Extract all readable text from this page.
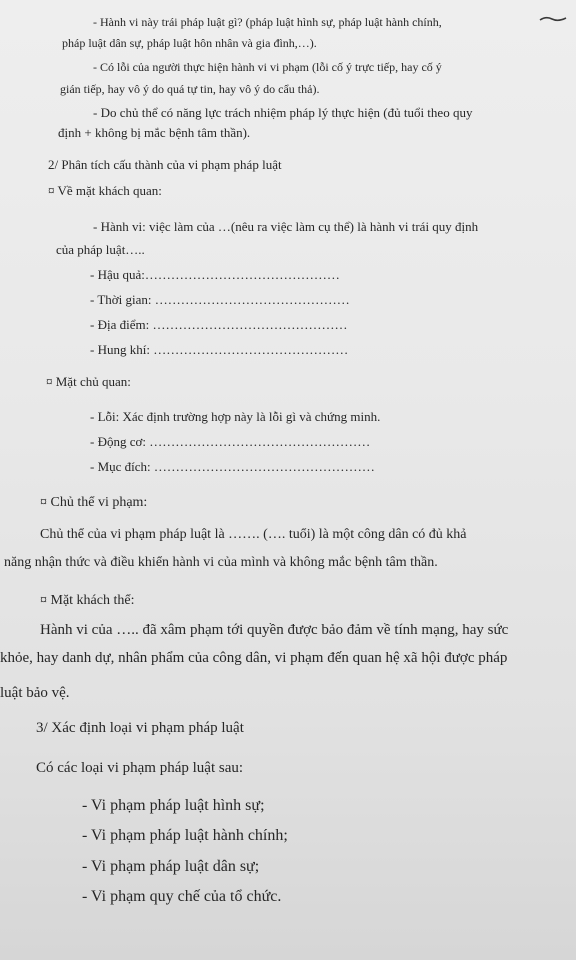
- Hành vi này trái pháp luật gì? (pháp luật hình sự, pháp luật hành chính,
pháp luật dân sự, pháp luật hôn nhân và gia đình,…).
- Có lỗi của người thực hiện hành vi vi phạm (lỗi cố ý trực tiếp, hay cố ý
gián tiếp, hay vô ý do quá tự tin, hay vô ý do cẩu thả).
- Do chủ thể có năng lực trách nhiệm pháp lý thực hiện (đủ tuổi theo quy
định + không bị mắc bệnh tâm thần).
2/ Phân tích cấu thành của vi phạm pháp luật
¤ Về mặt khách quan:
- Hành vi: việc làm của …(nêu ra việc làm cụ thể) là hành vi trái quy định
của pháp luật…..
- Hậu quả:………………………………………
- Thời gian: ………………………………………
- Địa điểm: ………………………………………
- Hung khí: ………………………………………
¤ Mặt chủ quan:
- Lỗi: Xác định trường hợp này là lỗi gì và chứng minh.
- Động cơ: ……………………………………………
- Mục đích: ……………………………………………
¤ Chủ thể vi phạm:
Chủ thể của vi phạm pháp luật là ……. (…. tuổi) là một công dân có đủ khả
năng nhận thức và điều khiển hành vi của mình và không mắc bệnh tâm thần.
¤ Mặt khách thể:
Hành vi của ….. đã xâm phạm tới quyền được bảo đảm về tính mạng, hay sức
khỏe, hay danh dự, nhân phẩm của công dân, vi phạm đến quan hệ xã hội được pháp
luật bảo vệ.
3/ Xác định loại vi phạm pháp luật
Có các loại vi phạm pháp luật sau:
- Vi phạm pháp luật hình sự;
- Vi phạm pháp luật hành chính;
- Vi phạm pháp luật dân sự;
- Vi phạm quy chế của tổ chức.
